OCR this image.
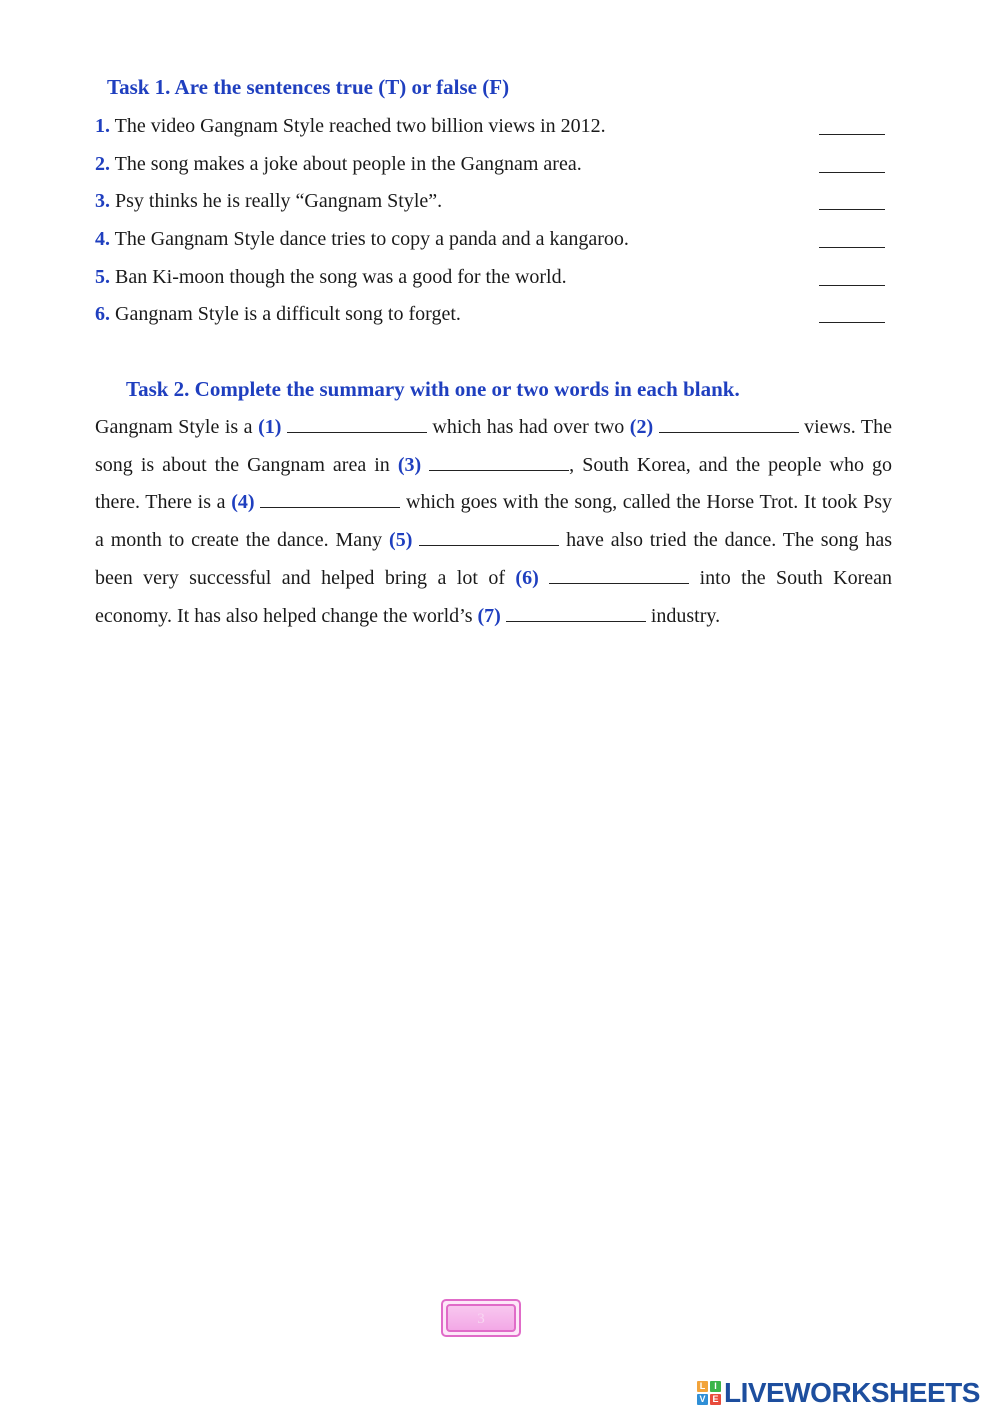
Task 1. Are the sentences true (T) or false (F)
1. The video Gangnam Style reached two billion views in 2012.
2. The song makes a joke about people in the Gangnam area.
3. Psy thinks he is really “Gangnam Style”.
4. The Gangnam Style dance tries to copy a panda and a kangaroo.
5. Ban Ki-moon though the song was a good for the world.
6. Gangnam Style is a difficult song to forget.
Task 2. Complete the summary with one or two words in each blank.

Gangnam Style is a (1)	which has had over two (2)	views. The song is about the Gangnam area in (3)	, South Korea, and the people who go there. There is a (4)	which goes with the song, called the Horse Trot. It took Psy a month to create the dance. Many (5)	have also tried the dance. The song has been very successful and helped bring a lot of (6)	into the South Korean economy. It has also helped change the world’s (7)	industry.

3
L I
V E LIVEWORKSHEETS
